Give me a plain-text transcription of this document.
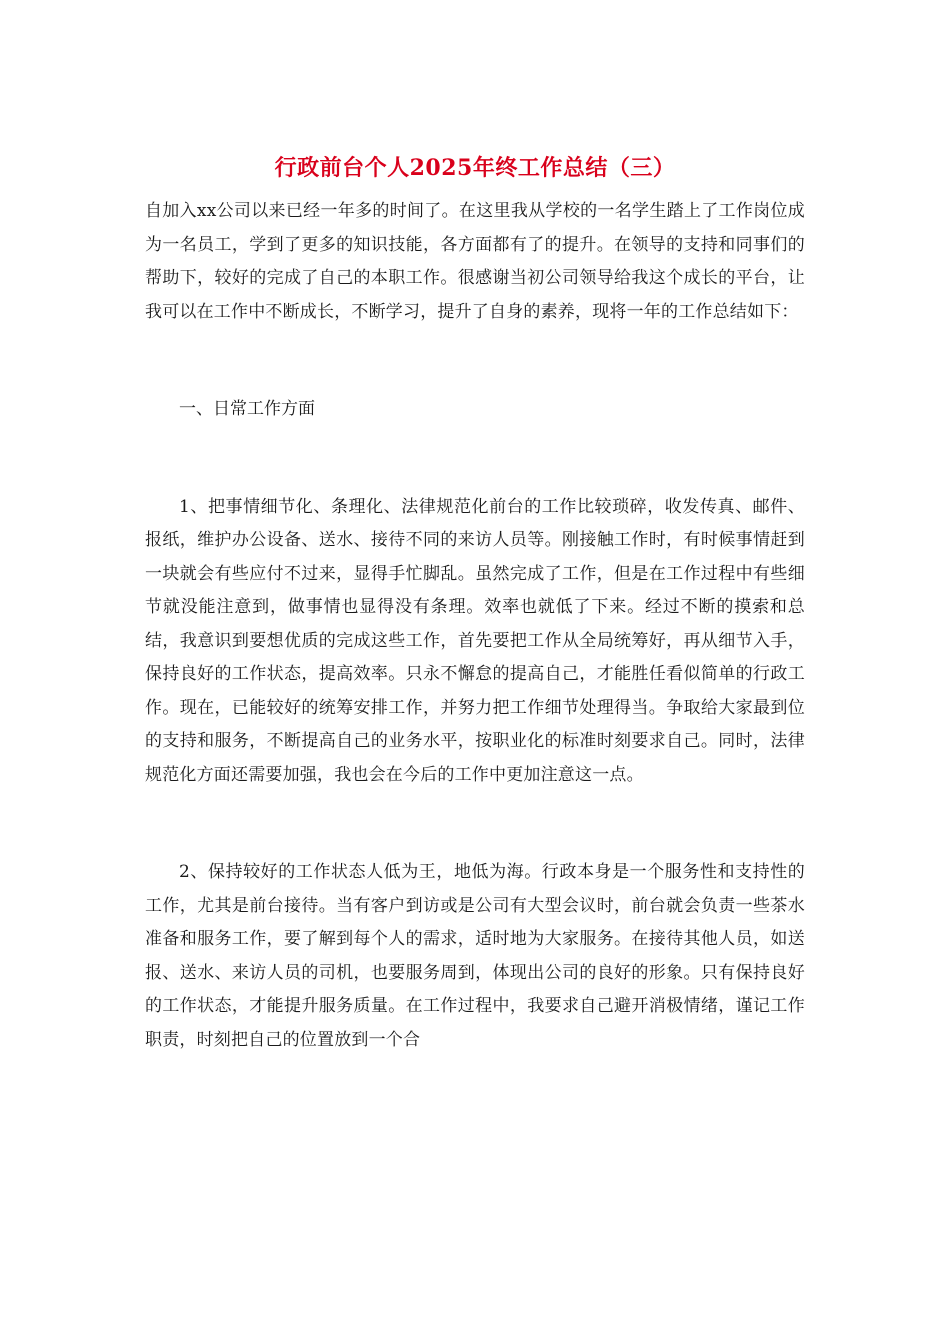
行政前台个人2025年终工作总结（三）

自加入xx公司以来已经一年多的时间了。在这里我从学校的一名学生踏上了工作岗位成为一名员工，学到了更多的知识技能，各方面都有了的提升。在领导的支持和同事们的帮助下，较好的完成了自己的本职工作。很感谢当初公司领导给我这个成长的平台，让我可以在工作中不断成长，不断学习，提升了自身的素养，现将一年的工作总结如下：

一、日常工作方面

1、把事情细节化、条理化、法律规范化前台的工作比较琐碎，收发传真、邮件、报纸，维护办公设备、送水、接待不同的来访人员等。刚接触工作时，有时候事情赶到一块就会有些应付不过来，显得手忙脚乱。虽然完成了工作，但是在工作过程中有些细节就没能注意到，做事情也显得没有条理。效率也就低了下来。经过不断的摸索和总结，我意识到要想优质的完成这些工作，首先要把工作从全局统筹好，再从细节入手，保持良好的工作状态，提高效率。只永不懈怠的提高自己，才能胜任看似简单的行政工作。现在，已能较好的统筹安排工作，并努力把工作细节处理得当。争取给大家最到位的支持和服务，不断提高自己的业务水平，按职业化的标准时刻要求自己。同时，法律规范化方面还需要加强，我也会在今后的工作中更加注意这一点。

2、保持较好的工作状态人低为王，地低为海。行政本身是一个服务性和支持性的工作，尤其是前台接待。当有客户到访或是公司有大型会议时，前台就会负责一些茶水准备和服务工作，要了解到每个人的需求，适时地为大家服务。在接待其他人员，如送报、送水、来访人员的司机，也要服务周到，体现出公司的良好的形象。只有保持良好的工作状态，才能提升服务质量。在工作过程中，我要求自己避开消极情绪，谨记工作职责，时刻把自己的位置放到一个合
